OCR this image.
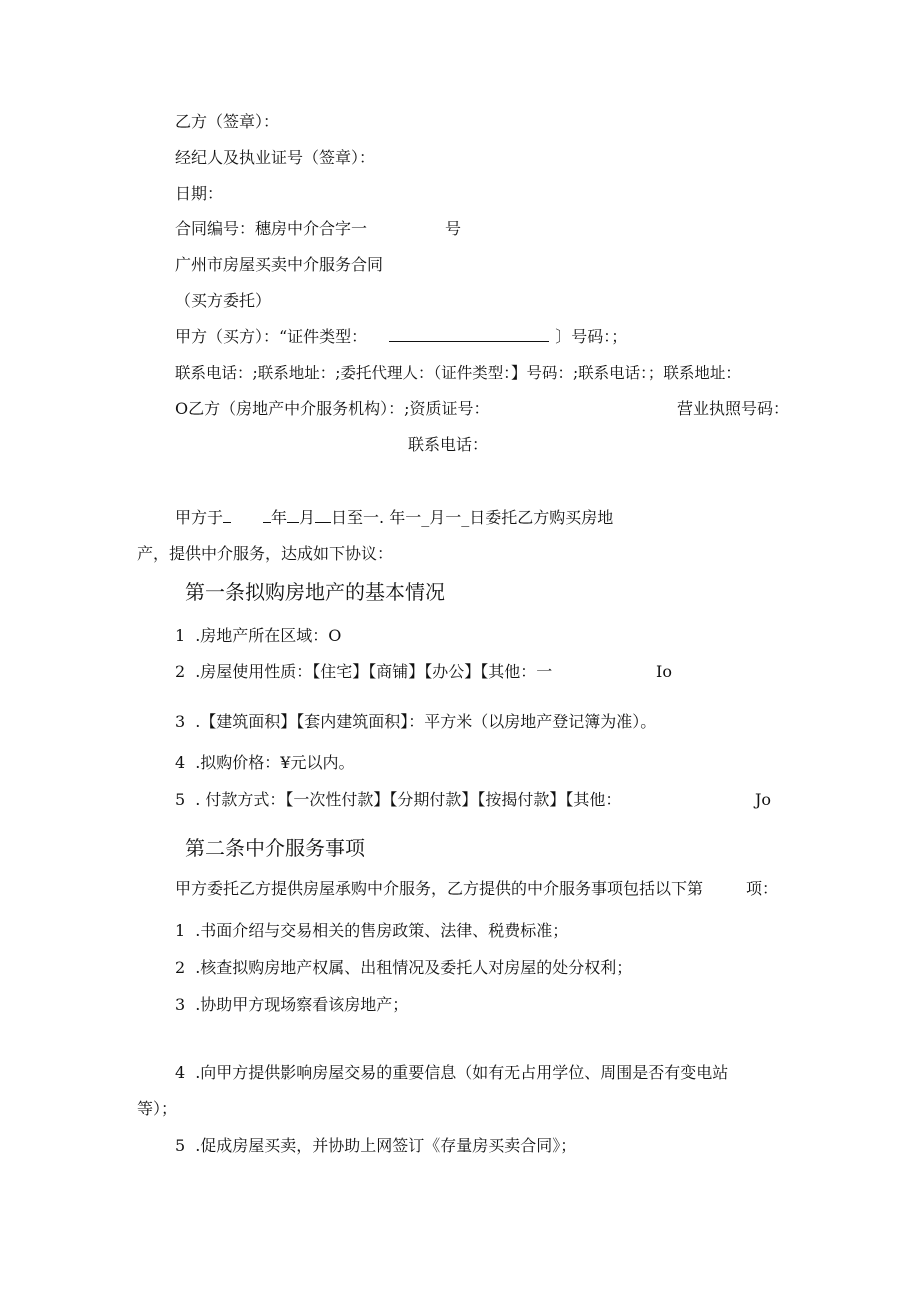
乙方（签章）：
经纪人及执业证号（签章）：
日期：
合同编号：穗房中介合字一	号
广州市房屋买卖中介服务合同
（买方委托）
甲方（买方）：“证件类型：	〕号码：；
联系电话：;联系地址：;委托代理人：（证件类型：】号码：;联系电话：；联系地址：
O乙方（房地产中介服务机构）：;资质证号：	营业执照号码：
联系电话：
甲方于	年 月 日至一. 年一_月一_日委托乙方购买房地
产，提供中介服务，达成如下协议：
第一条拟购房地产的基本情况
1 .房地产所在区域：O
2 .房屋使用性质：【住宅】【商铺】【办公】【其他：一	Io
3 .【建筑面积】【套内建筑面积】：平方米（以房地产登记簿为准）。
4 .拟购价格：¥元以内。
5 . 付款方式：【一次性付款】【分期付款】【按揭付款】【其他：	Jo
第二条中介服务事项
甲方委托乙方提供房屋承购中介服务，乙方提供的中介服务事项包括以下第	项：
1 .书面介绍与交易相关的售房政策、法律、税费标准；
2 .核查拟购房地产权属、出租情况及委托人对房屋的处分权利；
3 .协助甲方现场察看该房地产；
4 .向甲方提供影响房屋交易的重要信息（如有无占用学位、周围是否有变电站
等）；
5 .促成房屋买卖，并协助上网签订《存量房买卖合同》；
